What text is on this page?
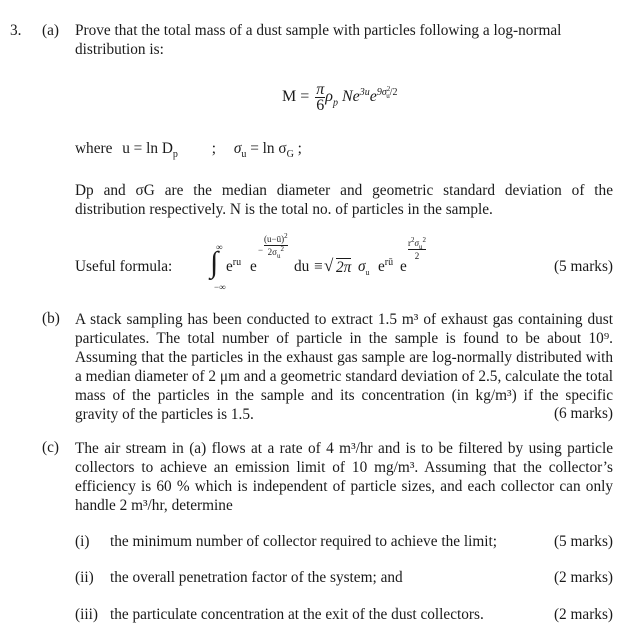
3. (a) Prove that the total mass of a dust sample with particles following a log-normal
distribution is:
$M = \frac{\pi}{6} \rho_p$ $Ne^{3u}e^{9\sigma^2_u/2}$
where $u = \ln D_p$ ; $\sigma_u = \ln \sigma_G$ ;
Dp and σG are the median diameter and geometric standard deviation of the distribution respectively. N is the total no. of particles in the sample.
Useful formula:
∞
∫
−∞
$e^{ru}$ e
−
(u−ū)$^2$
$2\sigma_u^2$
du ≡ √ 2π $\sigma_u$ $e^{rū}$ e
$r^2\sigma_u^2$
2
(5 marks)
(b) A stack sampling has been conducted to extract 1.5 m³ of exhaust gas containing dust particulates. The total number of particle in the sample is found to be about 10⁹. Assuming that the particles in the exhaust gas sample are log-normally distributed with a median diameter of 2 μm and a geometric standard deviation of 2.5, calculate the total mass of the particles in the sample and its concentration (in kg/m³) if the specific gravity of the particles is 1.5.	(6 marks)
(c) The air stream in (a) flows at a rate of 4 m³/hr and is to be filtered by using particle collectors to achieve an emission limit of 10 mg/m³. Assuming that the collector’s efficiency is 60 % which is independent of particle sizes, and each collector can only handle 2 m³/hr, determine
(i) the minimum number of collector required to achieve the limit;	(5 marks)
(ii) the overall penetration factor of the system; and	(2 marks)
(iii) the particulate concentration at the exit of the dust collectors.	(2 marks)
